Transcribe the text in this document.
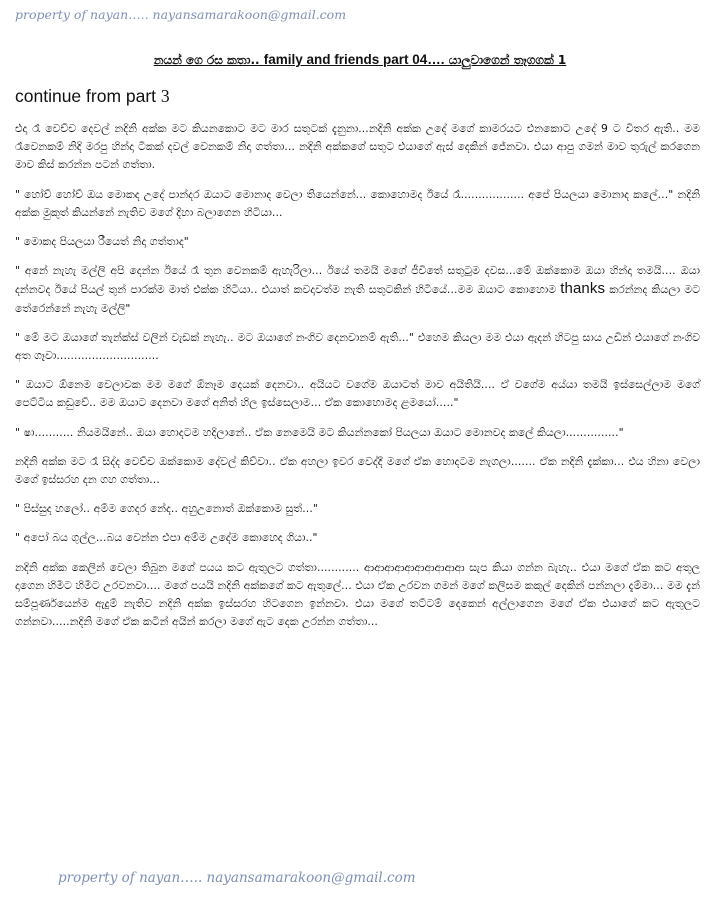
property of nayan….. nayansamarakoon@gmail.com
නයන් ගෙ රස කතා.. family and friends part 04…. යාලුවාගෙන් තෑගගක් 1
continue from part 3

එදා රෑ වෙච්ච දෙවල් නදිනි අක්ක මට කියනකොට මට මාර සතුටක් දැනුනා...නදිනි අක්ක උදේ මගේ කාමරයට එනකොට උදේ 9 ට විතර ඇති.. මම රෑවෙනකම් නිදි මරපු හින්දා ටිකක් දවල් වෙනකම් නිදා ගත්තා... නදිනි අක්කගේ සතුට එයාගේ ඇස් දෙකින් ජේනවා. එයා ආපු ගමන් මාව තුරුල් කරගෙන මාව කිස් කරන්න පටන් ගත්තා.

" හෝව් හෝව් ඔය මොකද උදේ පාන්දර ඔයාට මොනාද වෙලා තියෙන්නේ... කොහොමද ඊයේ රෑ.................. අපේ පියලයා මොනාද කලේ..." නදිනි අක්ක මුකුත් කියන්නේ නැතිව මගේ දිහා බලාගෙන හිටියා...

" මොකද පියලයා රීයෙත් නිදා ගත්තාද"

" අනේ නැහැ මල්ලි අපි දෙන්න ඊයේ රෑ තුන වෙනකම් ඇහැරිලා... ඊයේ තමයි මගේ ජීවිතේ සතුටුම දවස...මේ ඔක්කොම ඔයා හින්දා තමයි.... ඔයා දන්නවද ඊයේ පියල් තුන් පාරක්ම මාත් එක්ක හිටියා.. එයාත් කවදාවත්ම නැති සතුටකින් හිටියේ...මම ඔයාට කොහොම thanks කරන්නද කියලා මට තේරෙන්නේ නැහැ මල්ලි"

" මේ මට ඔයාගේ තැන්ක්ස් වලින් වැඩක් නැහැ.. මට ඔයාගේ නංගිව දෙනවානම් ඇති..." එහෙම කියලා මම එයා ඇදන් හිටපු සාය උඩින් එයාගේ නංගිව අත ගෑවා.............................

" ඔයාට ඕනෙම වෙලාවක මම මගේ ඕනෑම දෙයක් දෙනවා.. අයියට වගේම ඔයාටත් මාව අයිතියි.... ඒ වගේම අය්යා තමයි ඉස්සෙල්ලාම මගේ පෙට්ටිය කඩුවේ.. මම ඔයාට දෙනවා මගේ අනිත් හිල ඉස්සෙලාම... ඒක කොහොමද ළමයෝ....."

" ෂා........... නියමයිනේ.. ඔයා හොදටම හදිලානේ.. ඒක නෙමෙයි මට කියන්නකෝ පියලයා ඔයාට මොනවද කලේ කියලා..............."

නදිනි අක්ක මට රෑ සිද්ද වෙච්ච ඔක්කොම දේවල් කිව්වා.. ඒක අහලා ඉවර වෙද්දී මගේ ඒක හොදටම නැගලා....... ඒක නදිනි දැක්කා... එය හිනා වෙලා මගේ ඉස්සරහ දන ගහ ගත්තා...

" පිස්සුද හලෝ.. අම්ම ගෙදර නේද.. අහුඋනොත් ඔක්කොම සුත්..."

" අපෝ බය ගුල්ල...බය වෙන්න එපා අම්ම උදේම කොහෙද ගියා.."

නදිනි අක්ක කෙලින් වෙලා තිබුන මගේ පයය කට ඇතුලට ගත්තා............ ආආආආආආආආආආ සැප කියා ගන්න බැහැ.. එයා මගේ ඒක කට අතුල දාගෙන හිමීට හිමීට උරවනවා.... මගේ පයයි නදිනි අක්කගේ කට ඇතුලේ... එයා ඒක උරවන ගමන් මගේ කලිසම කකුල් දෙකින් පන්නලා දැම්මා... මම දැන් සම්පූර්ණයෙන්ම ඇදුම් නැතිව නදිනි අක්ක ඉස්සරහ හිටගෙන ඉන්නවා. එයා මගේ තට්ටම් දෙකෙන් අල්ලාගෙන මගේ ඒක එයාගේ කට ඇතුලට ගන්නවා.....නදිනි මගේ ඒක කටින් අයින් කරලා මගේ ඇට දෙක උරන්න ගත්තා...

property of nayan….. nayansamarakoon@gmail.com
